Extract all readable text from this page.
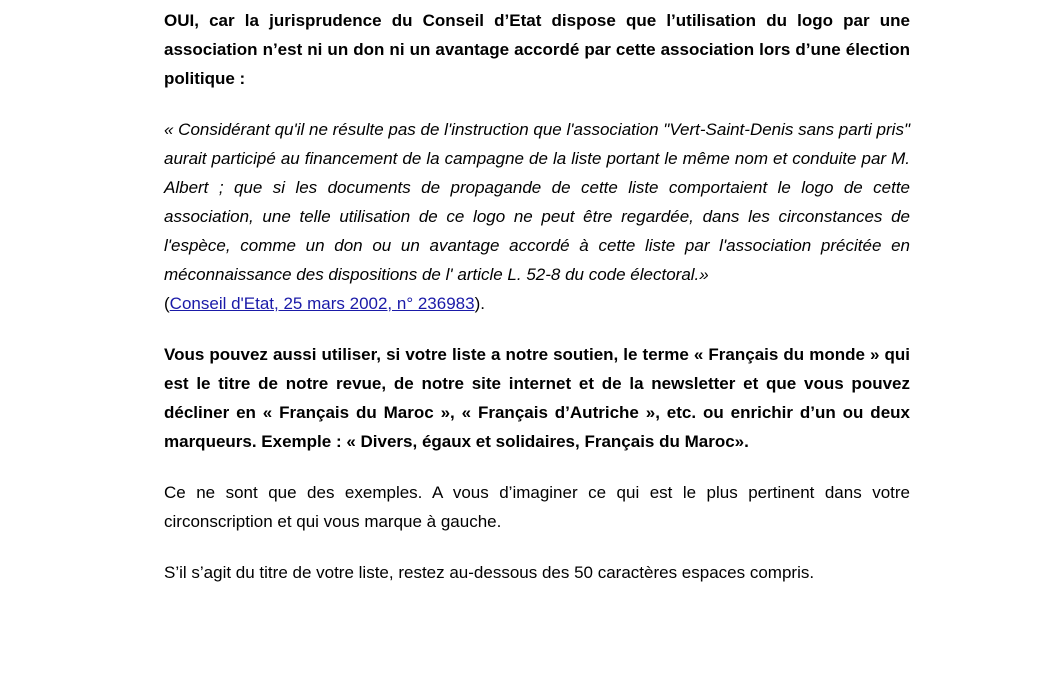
OUI, car la jurisprudence du Conseil d’Etat dispose que l’utilisation du logo par une association n’est ni un don ni un avantage accordé par cette association lors d’une élection politique :

« Considérant qu'il ne résulte pas de l'instruction que l'association "Vert-Saint-Denis sans parti pris" aurait participé au financement de la campagne de la liste portant le même nom et conduite par M. Albert ; que si les documents de propagande de cette liste comportaient le logo de cette association, une telle utilisation de ce logo ne peut être regardée, dans les circonstances de l'espèce, comme un don ou un avantage accordé à cette liste par l'association précitée en méconnaissance des dispositions de l' article L. 52-8 du code électoral.»

(Conseil d'Etat, 25 mars 2002, n° 236983).

Vous pouvez aussi utiliser, si votre liste a notre soutien, le terme « Français du monde » qui est le titre de notre revue, de notre site internet et de la newsletter et que vous pouvez décliner en « Français du Maroc », « Français d’Autriche », etc. ou enrichir d’un ou deux marqueurs. Exemple : « Divers, égaux et solidaires, Français du Maroc».

Ce ne sont que des exemples. A vous d’imaginer ce qui est le plus pertinent dans votre circonscription et qui vous marque à gauche.

S’il s’agit du titre de votre liste, restez au-dessous des 50 caractères espaces compris.
